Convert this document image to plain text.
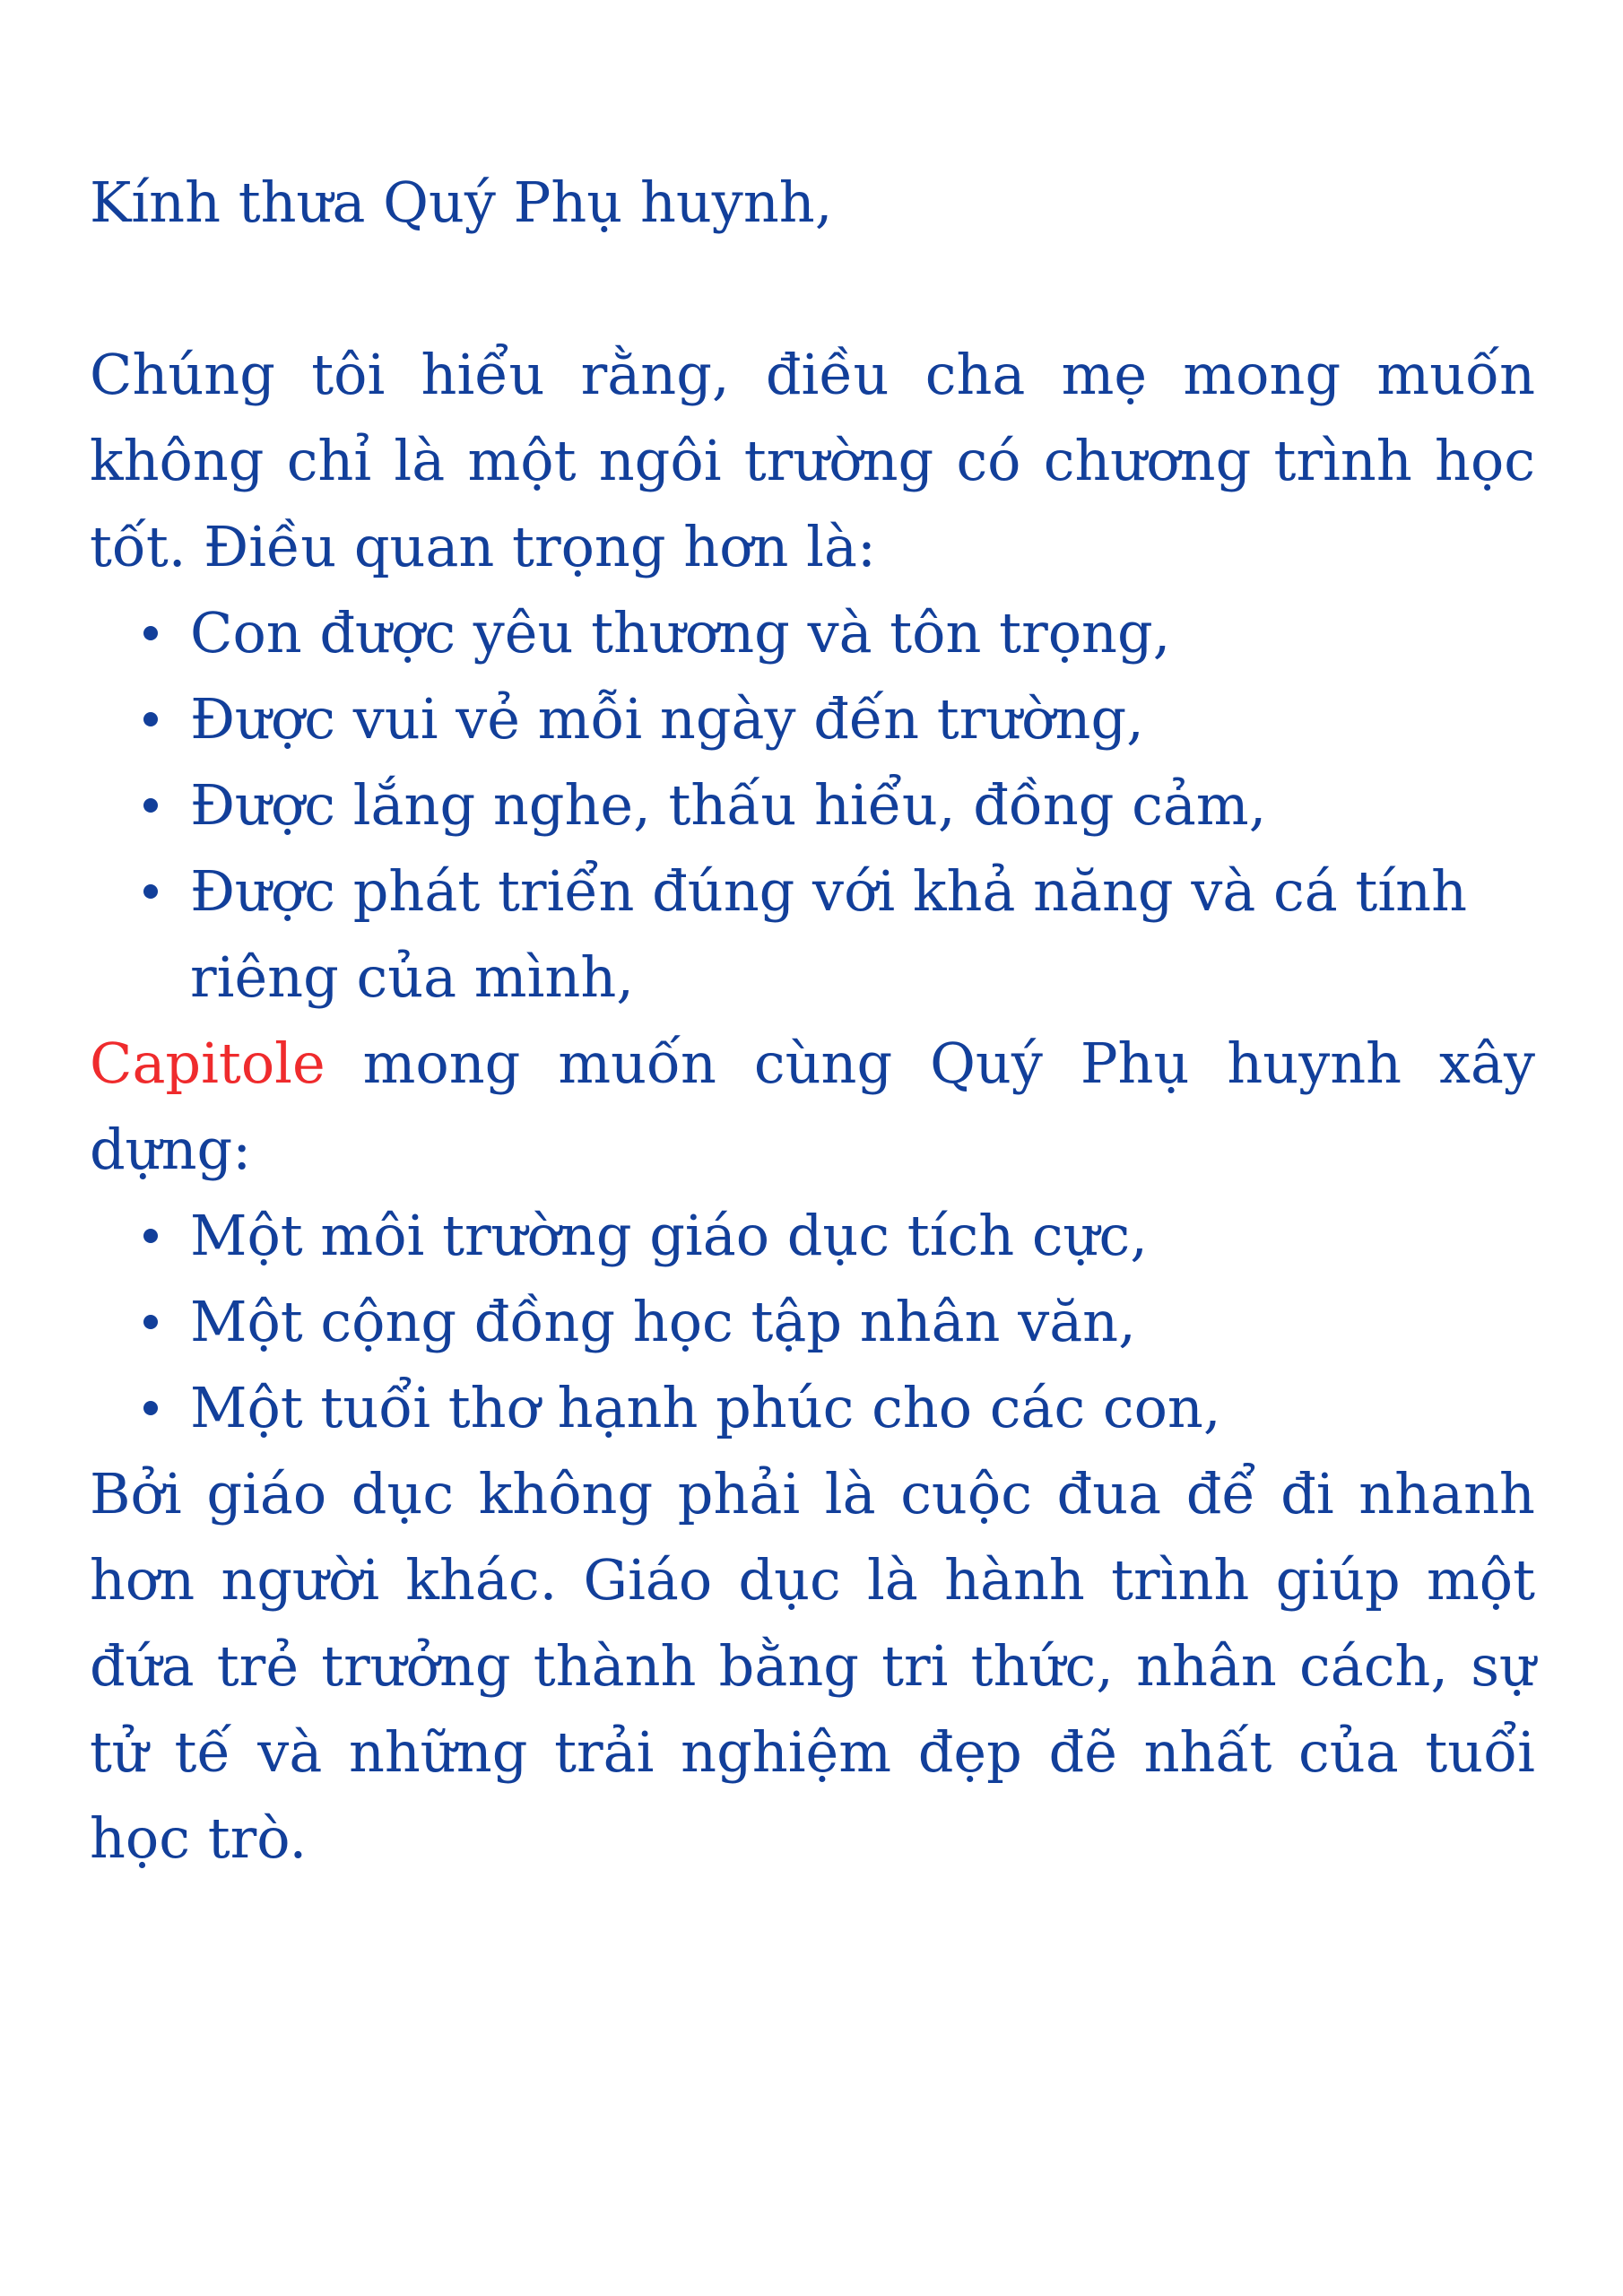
Kính thưa Quý Phụ huynh,

Chúng tôi hiểu rằng, điều cha mẹ mong muốn không chỉ là một ngôi trường có chương trình học tốt. Điều quan trọng hơn là:

Con được yêu thương và tôn trọng,
Được vui vẻ mỗi ngày đến trường,
Được lắng nghe, thấu hiểu, đồng cảm,
Được phát triển đúng với khả năng và cá tính riêng của mình,

Capitole mong muốn cùng Quý Phụ huynh xây dựng:

Một môi trường giáo dục tích cực,
Một cộng đồng học tập nhân văn,
Một tuổi thơ hạnh phúc cho các con,

Bởi giáo dục không phải là cuộc đua để đi nhanh hơn người khác. Giáo dục là hành trình giúp một đứa trẻ trưởng thành bằng tri thức, nhân cách, sự tử tế và những trải nghiệm đẹp đẽ nhất của tuổi học trò.
